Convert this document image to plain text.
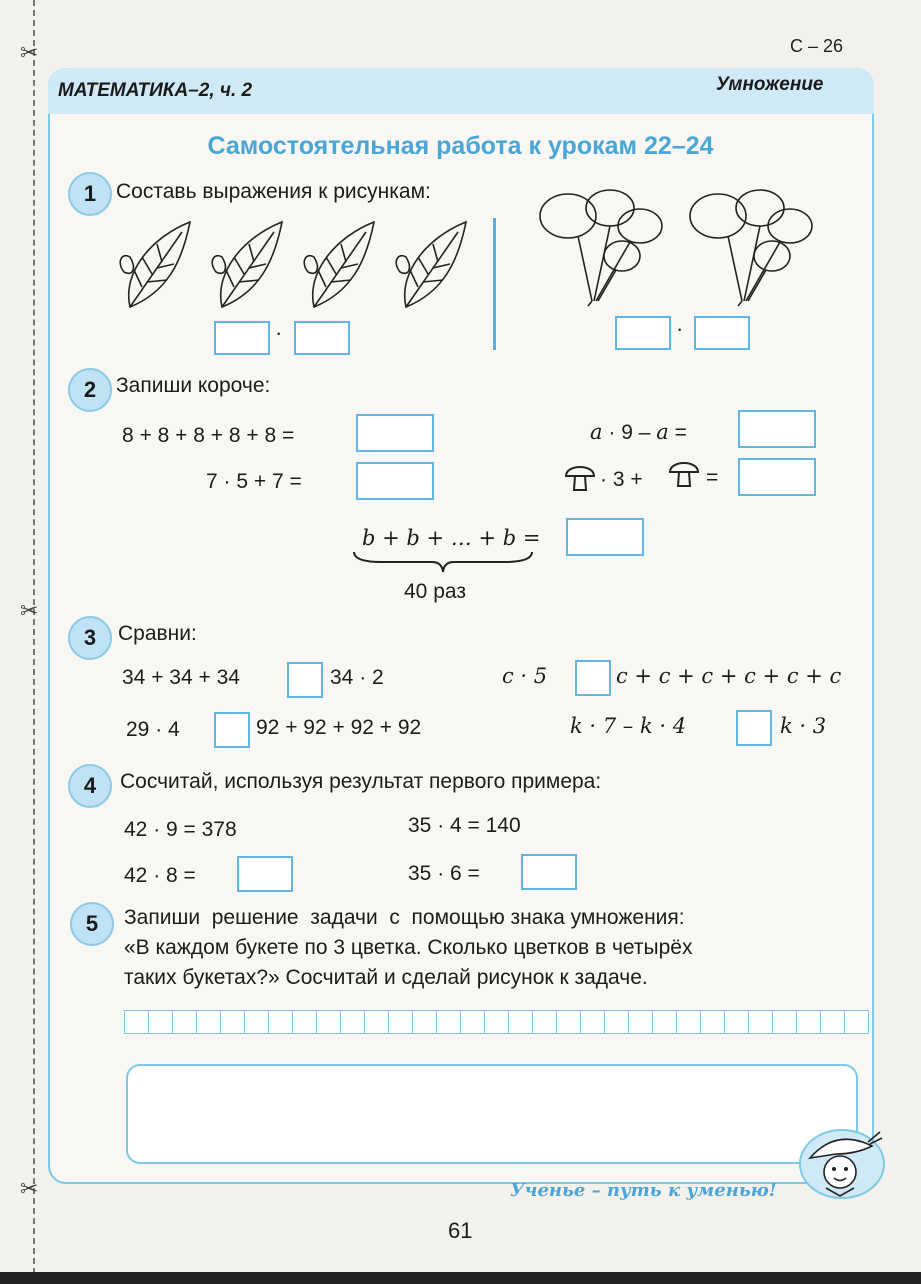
✂
✂
✂
С – 26
МАТЕМАТИКА–2, ч. 2	Умножение
Самостоятельная работа к урокам 22–24
1 Составь выражения к рисункам:
·	·
2 Запиши короче:
8 + 8 + 8 + 8 + 8 =
7 · 5 + 7 =
a · 9 – a =
· 3 +	=
b + b + … + b =
40 раз
3	Сравни:
34 + 34 + 34	34 · 2
29 · 4	92 + 92 + 92 + 92
c · 5	c + c + c + c + c + c
k · 7 – k · 4	k · 3
4	Сосчитай, используя результат первого примера:
42 · 9 = 378	35 · 4 = 140
42 · 8 =	35 · 6 =
5	Запиши  решение  задачи  с  помощью знака умножения:
«В каждом букете по 3 цветка. Сколько цветков в четырёх
таких букетах?» Сосчитай и сделай рисунок к задаче.
Ученье – путь к уменью!
61
